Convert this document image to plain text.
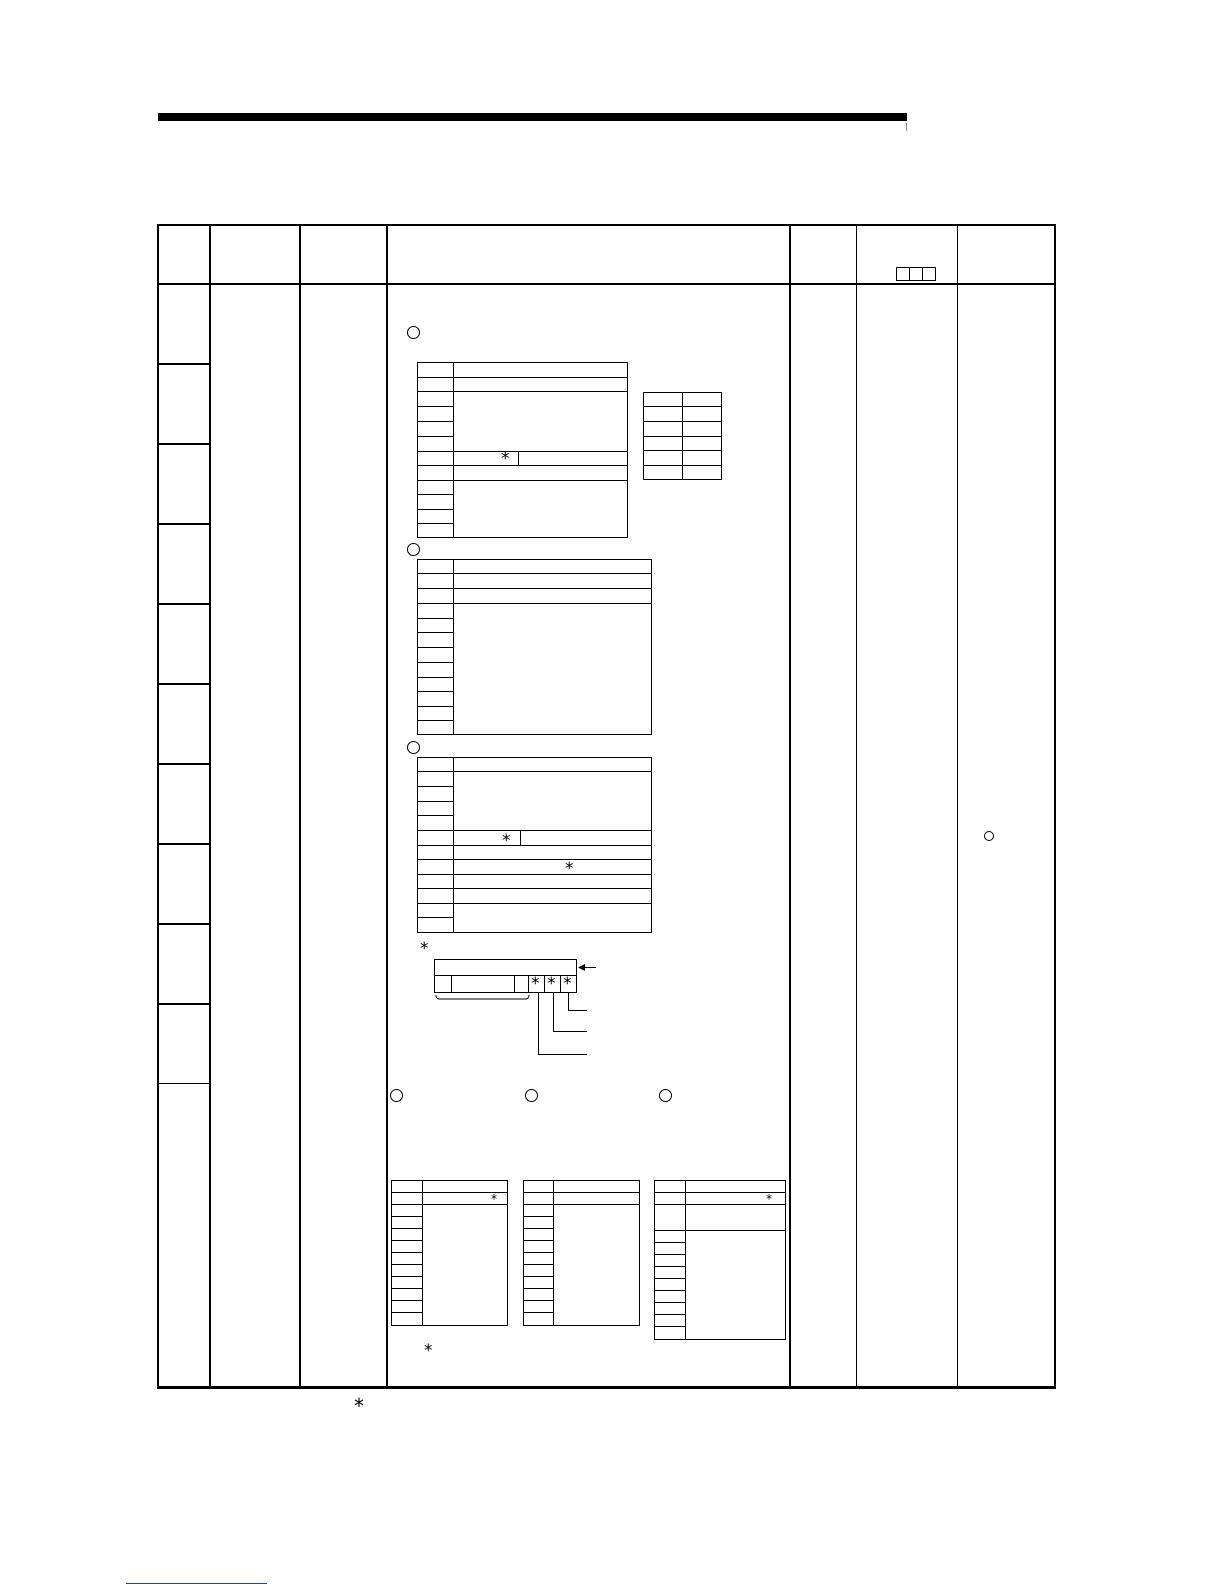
*
*
*
*
* * *
*	*
*
*
